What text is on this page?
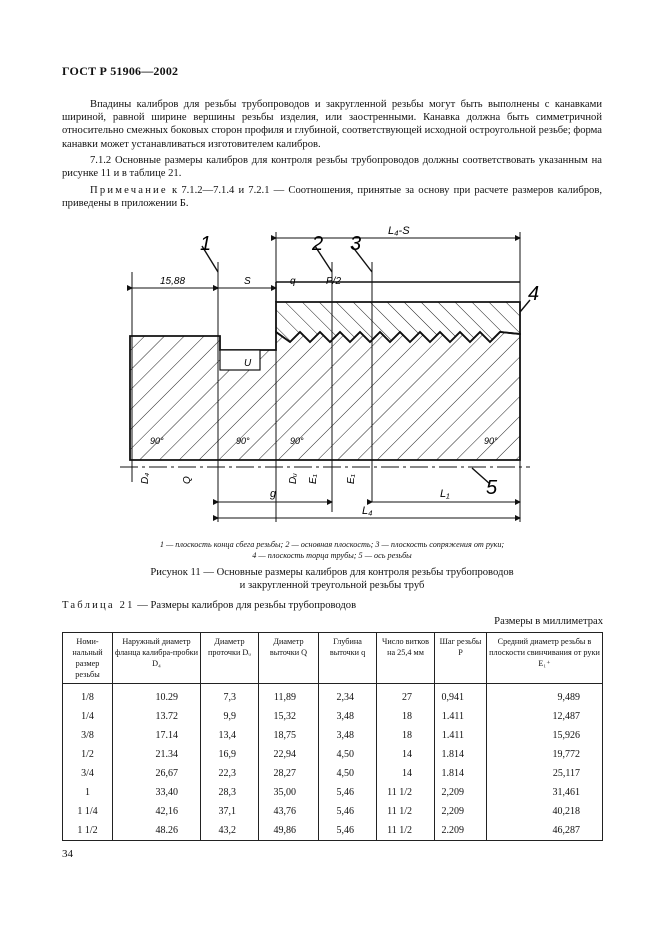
ГОСТ Р 51906—2002
Впадины калибров для резьбы трубопроводов и закругленной резьбы могут быть выполнены с канавками шириной, равной ширине вершины резьбы изделия, или заостренными. Канавка должна быть симметричной относительно смежных боковых сторон профиля и глубиной, соответствующей исходной остроугольной резьбе; форма канавки может устанавливаться изготовителем калибров.
7.1.2 Основные размеры калибров для контроля резьбы трубопроводов должны соответствовать указанным на рисунке 11 и в таблице 21.
Примечание к 7.1.2—7.1.4 и 7.2.1 — Соотношения, принятые за основу при расчете размеров калибров, приведены в приложении Б.
1	2 3
4
5
L₄-S
15,88	S	q	P/2
U
g	L₁
L₄
90°	90°	90°	90°
D₄	Q	Dᵤ E₁	E₁
1 — плоскость конца сбега резьбы; 2 — основная плоскость; 3 — плоскость сопряжения от руки;
4 — плоскость торца трубы; 5 — ось резьбы
Рисунок 11 — Основные размеры калибров для контроля резьбы трубопроводов
и закругленной треугольной резьбы труб
Таблица 21 — Размеры калибров для резьбы трубопроводов
Размеры в миллиметрах
Номи-нальный размер резьбы	Наружный диаметр фланца калибра-пробки D₄	Диаметр проточки Dᵤ	Диаметр выточки Q	Глубина выточки q	Число витков на 25,4 мм	Шаг резьбы P	Средний диаметр резьбы в плоскости свинчивания от руки E₁⁺
1/8	10.29	7,3	11,89	2,34	27	0,941	9,489
1/4	13.72	9,9	15,32	3,48	18	1.411	12,487
3/8	17.14	13,4	18,75	3,48	18	1.411	15,926
1/2	21.34	16,9	22,94	4,50	14	1.814	19,772
3/4	26,67	22,3	28,27	4,50	14	1.814	25,117
1	33,40	28,3	35,00	5,46	11 1/2	2,209	31,461
1 1/4	42,16	37,1	43,76	5,46	11 1/2	2,209	40,218
1 1/2	48.26	43,2	49,86	5,46	11 1/2	2.209	46,287
34
